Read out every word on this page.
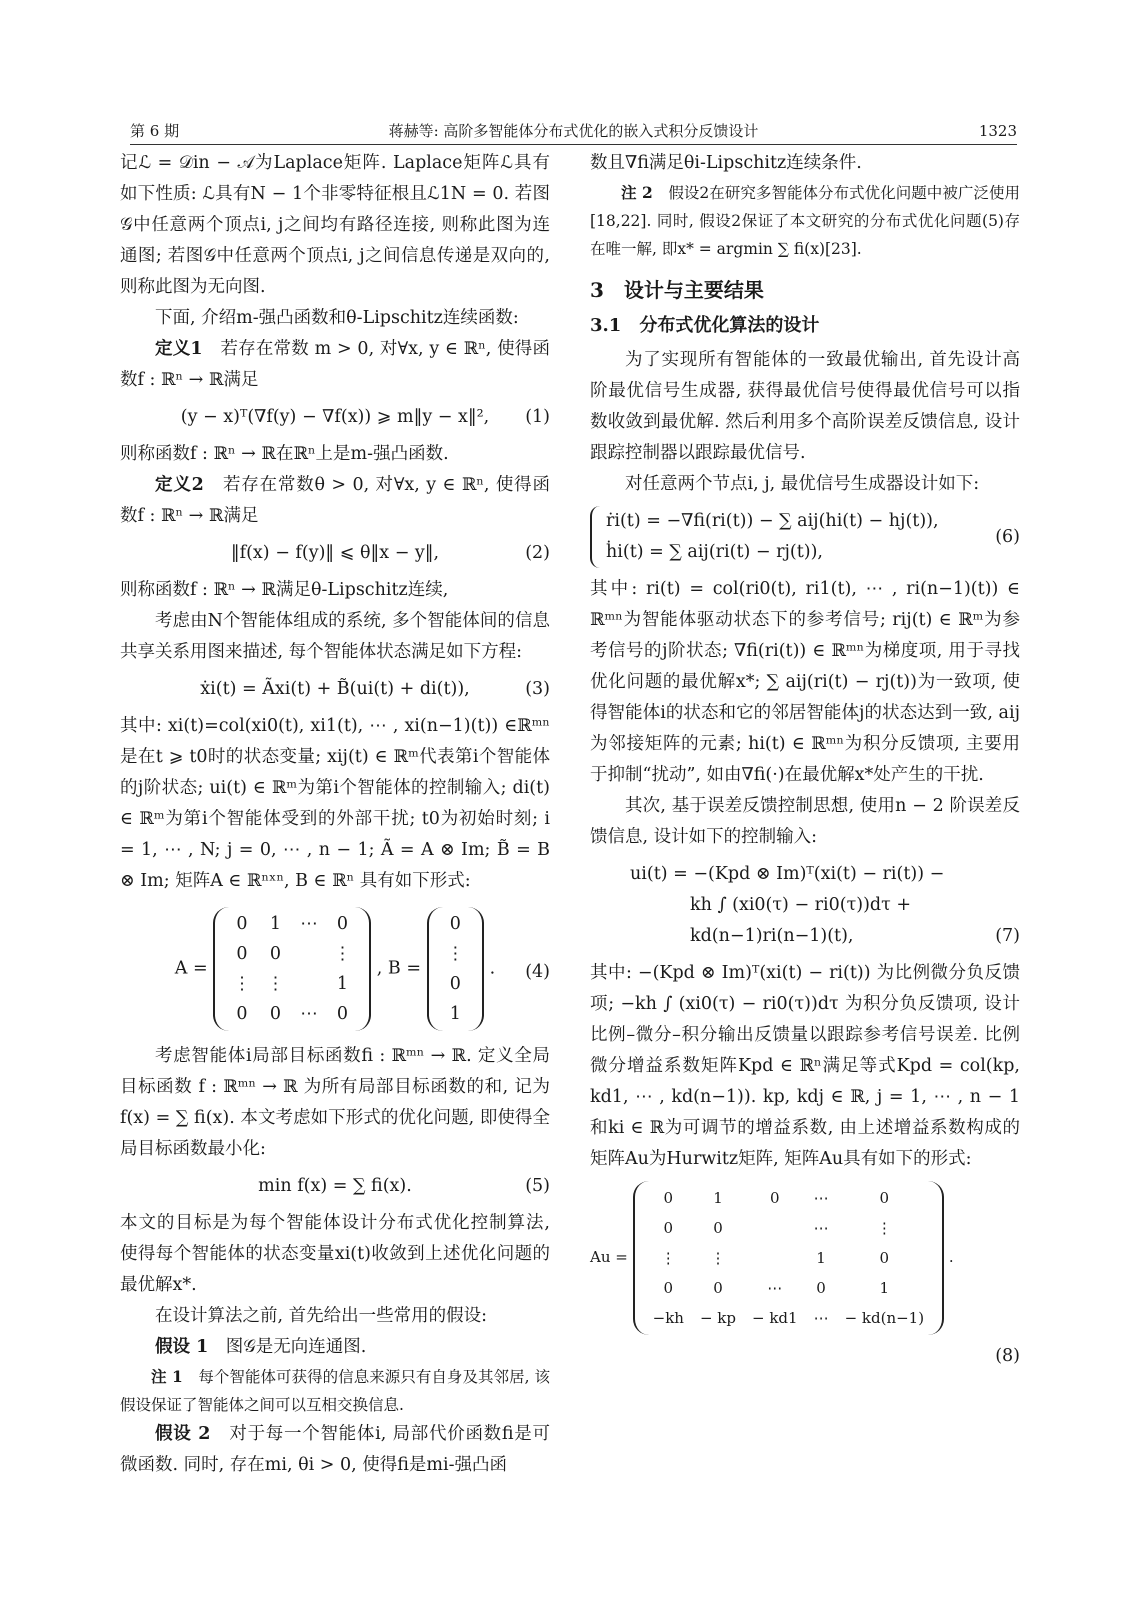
第 6 期	蒋赫等: 高阶多智能体分布式优化的嵌入式积分反馈设计	1323

记ℒ = 𝒟in − 𝒜为Laplace矩阵. Laplace矩阵ℒ具有如下性质: ℒ具有N − 1个非零特征根且ℒ1N = 0. 若图𝒢中任意两个顶点i, j之间均有路径连接, 则称此图为连通图; 若图𝒢中任意两个顶点i, j之间信息传递是双向的, 则称此图为无向图.

下面, 介绍m-强凸函数和θ-Lipschitz连续函数:

定义1　 若存在常数 m > 0, 对∀x, y ∈ ℝⁿ, 使得函数f : ℝⁿ → ℝ满足

(y − x)ᵀ(∇f(y) − ∇f(x)) ⩾ m‖y − x‖², (1)

则称函数f : ℝⁿ → ℝ在ℝⁿ上是m-强凸函数.

定义2　 若存在常数θ > 0, 对∀x, y ∈ ℝⁿ, 使得函数f : ℝⁿ → ℝ满足

‖f(x) − f(y)‖ ⩽ θ‖x − y‖,	(2)

则称函数f : ℝⁿ → ℝ满足θ-Lipschitz连续,

考虑由N个智能体组成的系统, 多个智能体间的信息共享关系用图来描述, 每个智能体状态满足如下方程:

ẋi(t) = Ãxi(t) + B̃(ui(t) + di(t)),	(3)

其中: xi(t)=col(xi0(t), xi1(t), ⋯ , xi(n−1)(t)) ∈ℝᵐⁿ是在t ⩾ t0时的状态变量; xij(t) ∈ ℝᵐ代表第i个智能体的j阶状态; ui(t) ∈ ℝᵐ为第i个智能体的控制输入; di(t) ∈ ℝᵐ为第i个智能体受到的外部干扰; t0为初始时刻; i = 1, ⋯ , N; j = 0, ⋯ , n − 1; Ã = A ⊗ Im; B̃ = B ⊗ Im; 矩阵A ∈ ℝⁿˣⁿ, B ∈ ℝⁿ 具有如下形式:

A =
0	1	⋯	0
0	0		⋮
⋮	⋮		1
0	0	⋯	0
, B =
0
⋮
0
1
. (4)

考虑智能体i局部目标函数fi : ℝᵐⁿ → ℝ. 定义全局目标函数 f : ℝᵐⁿ → ℝ 为所有局部目标函数的和, 记为f(x) = ∑ fi(x). 本文考虑如下形式的优化问题, 即使得全局目标函数最小化:

min f(x) = ∑ fi(x).	(5)

本文的目标是为每个智能体设计分布式优化控制算法, 使得每个智能体的状态变量xi(t)收敛到上述优化问题的最优解x*.

在设计算法之前, 首先给出一些常用的假设:

假设 1　 图𝒢是无向连通图.

注 1　 每个智能体可获得的信息来源只有自身及其邻居, 该假设保证了智能体之间可以互相交换信息.

假设 2　 对于每一个智能体i, 局部代价函数fi是可微函数. 同时, 存在mi, θi > 0, 使得fi是mi-强凸函

数且∇fi满足θi-Lipschitz连续条件.

注 2　 假设2在研究多智能体分布式优化问题中被广泛使用[18,22]. 同时, 假设2保证了本文研究的分布式优化问题(5)存在唯一解, 即x* = argmin ∑ fi(x)[23].

3　设计与主要结果
3.1　分布式优化算法的设计

为了实现所有智能体的一致最优输出, 首先设计高阶最优信号生成器, 获得最优信号使得最优信号可以指数收敛到最优解. 然后利用多个高阶误差反馈信息, 设计跟踪控制器以跟踪最优信号.

对任意两个节点i, j, 最优信号生成器设计如下:

ṙi(t) = −∇fi(ri(t)) − ∑ aij(hi(t) − hj(t)),
ḣi(t) = ∑ aij(ri(t) − rj(t)),
(6)

其中: ri(t) = col(ri0(t), ri1(t), ⋯ , ri(n−1)(t)) ∈ ℝᵐⁿ为智能体驱动状态下的参考信号; rij(t) ∈ ℝᵐ为参考信号的j阶状态; ∇fi(ri(t)) ∈ ℝᵐⁿ为梯度项, 用于寻找优化问题的最优解x*; ∑ aij(ri(t) − rj(t))为一致项, 使得智能体i的状态和它的邻居智能体j的状态达到一致, aij为邻接矩阵的元素; hi(t) ∈ ℝᵐⁿ为积分反馈项, 主要用于抑制“扰动”, 如由∇fi(·)在最优解x*处产生的干扰.

其次, 基于误差反馈控制思想, 使用n − 2 阶误差反馈信息, 设计如下的控制输入:

ui(t) = −(Kpd ⊗ Im)ᵀ(xi(t) − ri(t)) −
kh ∫ (xi0(τ) − ri0(τ))dτ +
kd(n−1)ri(n−1)(t),	(7)

其中: −(Kpd ⊗ Im)ᵀ(xi(t) − ri(t)) 为比例微分负反馈项; −kh ∫ (xi0(τ) − ri0(τ))dτ 为积分负反馈项, 设计比例–微分–积分输出反馈量以跟踪参考信号误差. 比例微分增益系数矩阵Kpd ∈ ℝⁿ满足等式Kpd = col(kp, kd1, ⋯ , kd(n−1)). kp, kdj ∈ ℝ, j = 1, ⋯ , n − 1和ki ∈ ℝ为可调节的增益系数, 由上述增益系数构成的矩阵Au为Hurwitz矩阵, 矩阵Au具有如下的形式:

Au =
0	1	0	⋯	0
0	0		⋯	⋮
⋮	⋮		1	0
0	0	⋯	0	1
−kh	− kp	− kd1	⋯	− kd(n−1)
.
(8)
